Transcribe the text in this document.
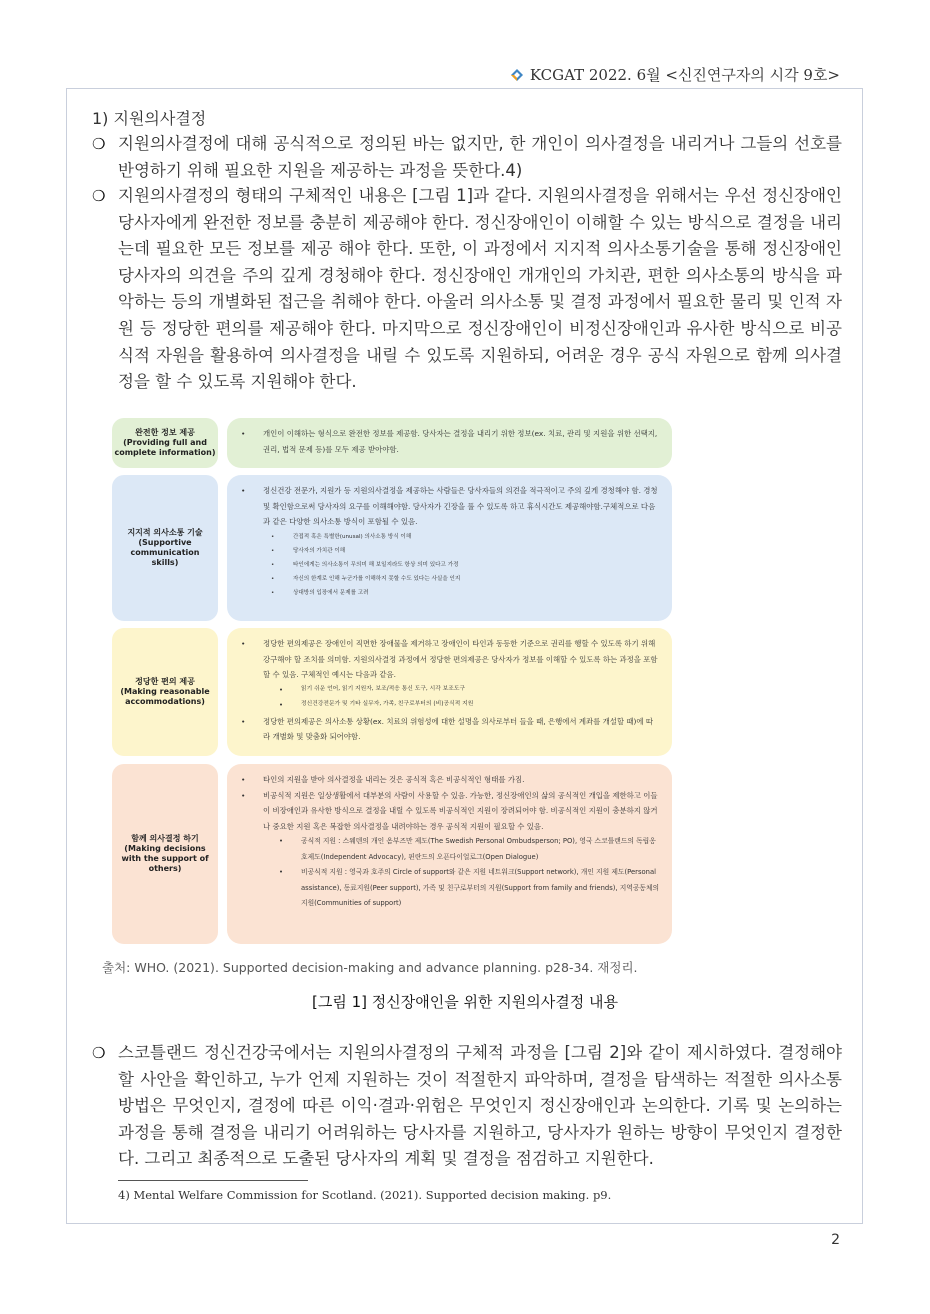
KCGAT 2022. 6월 <신진연구자의 시각 9호>
1) 지원의사결정
❍ 지원의사결정에 대해 공식적으로 정의된 바는 없지만, 한 개인이 의사결정을 내리거나 그들의 선호를 반영하기 위해 필요한 지원을 제공하는 과정을 뜻한다.4)
❍ 지원의사결정의 형태의 구체적인 내용은 [그림 1]과 같다. 지원의사결정을 위해서는 우선 정신장애인 당사자에게 완전한 정보를 충분히 제공해야 한다. 정신장애인이 이해할 수 있는 방식으로 결정을 내리는데 필요한 모든 정보를 제공 해야 한다. 또한, 이 과정에서 지지적 의사소통기술을 통해 정신장애인 당사자의 의견을 주의 깊게 경청해야 한다. 정신장애인 개개인의 가치관, 편한 의사소통의 방식을 파악하는 등의 개별화된 접근을 취해야 한다. 아울러 의사소통 및 결정 과정에서 필요한 물리 및 인적 자원 등 정당한 편의를 제공해야 한다. 마지막으로 정신장애인이 비정신장애인과 유사한 방식으로 비공식적 자원을 활용하여 의사결정을 내릴 수 있도록 지원하되, 어려운 경우 공식 자원으로 함께 의사결정을 할 수 있도록 지원해야 한다.
완전한 정보 제공
(Providing full and
complete information)
•	개인이 이해하는 형식으로 완전한 정보를 제공함. 당사자는 결정을 내리기 위한 정보(ex. 치료, 관리 및 지원을 위한 선택지, 권리, 법적 문제 등)를 모두 제공 받아야함.
지지적 의사소통 기술
(Supportive
communication
skills)
•	정신건강 전문가, 지원가 등 지원의사결정을 제공하는 사람들은 당사자들의 의견을 적극적이고 주의 깊게 경청해야 함. 경청 및 확인함으로써 당사자의 요구를 이해해야함. 당사자가 긴장을 풀 수 있도록 하고 휴식시간도 제공해야함.구체적으로 다음과 같은 다양한 의사소통 방식이 포함될 수 있음.
•	간접적 혹은 특별한(unusal) 의사소통 방식 이해
•	당사자의 가치관 이해
•	타인에게는 의사소통이 무의미 해 보일지라도 항상 의미 있다고 가정
•	자신의 한계로 인해 누군가를 이해하지 못할 수도 있다는 사실을 인지
•	상대방의 입장에서 문제를 고려
정당한 편의 제공
(Making reasonable
accommodations)
•	정당한 편의제공은 장애인이 직면한 장애물을 제거하고 장애인이 타인과 동등한 기준으로 권리를 행할 수 있도록 하기 위해 강구해야 할 조치를 의미함. 지원의사결정 과정에서 정당한 편의제공은 당사자가 정보를 이해할 수 있도록 하는 과정을 포함할 수 있음. 구체적인 예시는 다음과 같음.
•	읽기 쉬운 언어, 읽기 지원자, 보조/적응 통신 도구, 시각 보조도구
•	정신건강전문가 및 기타 실무자, 가족, 친구로부터의 (비)공식적 지원
•	정당한 편의제공은 의사소통 상황(ex. 치료의 위험성에 대한 설명을 의사로부터 들을 때, 은행에서 계좌를 개설할 때)에 따라 개별화 및 맞춤화 되어야함.
함께 의사결정 하기
(Making decisions
with the support of
others)
•	타인의 지원을 받아 의사결정을 내리는 것은 공식적 혹은 비공식적인 형태를 가짐.
•	비공식적 지원은 일상생활에서 대부분의 사람이 사용할 수 있음. 가능한, 정신장애인의 삶의 공식적인 개입을 제한하고 이들이 비장애인과 유사한 방식으로 결정을 내릴 수 있도록 비공식적인 지원이 장려되어야 함. 비공식적인 지원이 충분하지 않거나 중요한 지원 혹은 복잡한 의사결정을 내려야하는 경우 공식적 지원이 필요할 수 있음.
•	공식적 지원 : 스웨덴의 개인 옴부즈만 제도(The Swedish Personal Ombudsperson; PO), 영국 스코틀랜드의 독립옹호제도(Independent Advocacy), 핀란드의 오픈다이얼로그(Open Dialogue)
•	비공식적 지원 : 영국과 호주의 Circle of support와 같은 지원 네트워크(Support network), 개인 지원 제도(Personal assistance), 동료지원(Peer support), 가족 및 친구로부터의 지원(Support from family and friends), 지역공동체의 지원(Communities of support)
출처: WHO. (2021). Supported decision-making and advance planning. p28-34. 재정리.
[그림 1] 정신장애인을 위한 지원의사결정 내용
❍ 스코틀랜드 정신건강국에서는 지원의사결정의 구체적 과정을 [그림 2]와 같이 제시하였다. 결정해야 할 사안을 확인하고, 누가 언제 지원하는 것이 적절한지 파악하며, 결정을 탐색하는 적절한 의사소통 방법은 무엇인지, 결정에 따른 이익·결과·위험은 무엇인지 정신장애인과 논의한다. 기록 및 논의하는 과정을 통해 결정을 내리기 어려워하는 당사자를 지원하고, 당사자가 원하는 방향이 무엇인지 결정한다. 그리고 최종적으로 도출된 당사자의 계획 및 결정을 점검하고 지원한다.
4) Mental Welfare Commission for Scotland. (2021). Supported decision making. p9.
2
